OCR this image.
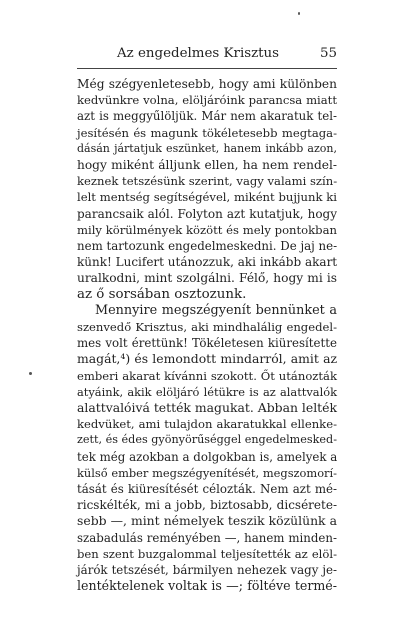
Az engedelmes Krisztus	55

Még szégyenletesebb, hogy ami különben
kedvünkre volna, elöljáróink parancsa miatt
azt is meggyűlöljük. Már nem akaratuk tel-
jesítésén és magunk tökéletesebb megtaga-
dásán jártatjuk eszünket, hanem inkább azon,
hogy miként álljunk ellen, ha nem rendel-
keznek tetszésünk szerint, vagy valami szín-
lelt mentség segítségével, miként bujjunk ki
parancsaik alól. Folyton azt kutatjuk, hogy
mily körülmények között és mely pontokban
nem tartozunk engedelmeskedni. De jaj ne-
künk! Lucifert utánozzuk, aki inkább akart
uralkodni, mint szolgálni. Félő, hogy mi is
az ő sorsában osztozunk.

Mennyire megszégyenít bennünket a
szenvedő Krisztus, aki mindhalálig engedel-
mes volt érettünk! Tökéletesen kiüresítette
magát,⁴) és lemondott mindarról, amit az
emberi akarat kívánni szokott. Őt utánozták
atyáink, akik elöljáró létükre is az alattvalók
alattvalóivá tették magukat. Abban lelték
kedvüket, ami tulajdon akaratukkal ellenke-
zett, és édes gyönyörűséggel engedelmesked-
tek még azokban a dolgokban is, amelyek a
külső ember megszégyenítését, megszomorí-
tását és kiüresítését célozták. Nem azt mé-
ricskélték, mi a jobb, biztosabb, dicsérete-
sebb —, mint némelyek teszik közülünk a
szabadulás reményében —, hanem minden-
ben szent buzgalommal teljesítették az elöl-
járók tetszését, bármilyen nehezek vagy je-
lentéktelenek voltak is —; föltéve termé-
